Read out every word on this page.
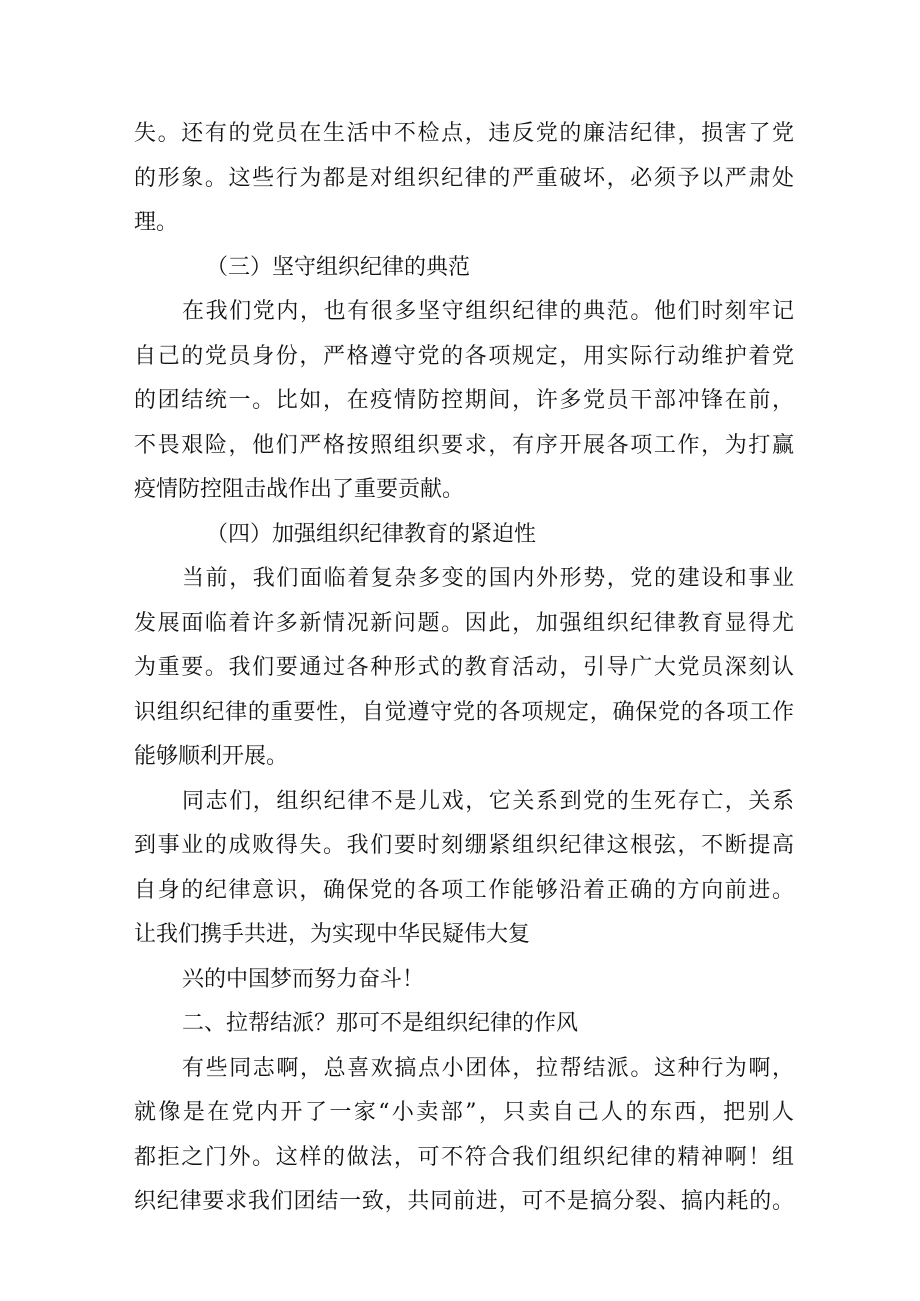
失。还有的党员在生活中不检点，违反党的廉洁纪律，损害了党
的形象。这些行为都是对组织纪律的严重破坏，必须予以严肃处
理。
（三）坚守组织纪律的典范
在我们党内，也有很多坚守组织纪律的典范。他们时刻牢记
自己的党员身份，严格遵守党的各项规定，用实际行动维护着党
的团结统一。比如，在疫情防控期间，许多党员干部冲锋在前，
不畏艰险，他们严格按照组织要求，有序开展各项工作，为打赢
疫情防控阻击战作出了重要贡献。
（四）加强组织纪律教育的紧迫性
当前，我们面临着复杂多变的国内外形势，党的建设和事业
发展面临着许多新情况新问题。因此，加强组织纪律教育显得尤
为重要。我们要通过各种形式的教育活动，引导广大党员深刻认
识组织纪律的重要性，自觉遵守党的各项规定，确保党的各项工作
能够顺利开展。
同志们，组织纪律不是儿戏，它关系到党的生死存亡，关系
到事业的成败得失。我们要时刻绷紧组织纪律这根弦，不断提高
自身的纪律意识，确保党的各项工作能够沿着正确的方向前进。
让我们携手共进，为实现中华民疑伟大复
兴的中国梦而努力奋斗！
二、拉帮结派？那可不是组织纪律的作风
有些同志啊，总喜欢搞点小团体，拉帮结派。这种行为啊，
就像是在党内开了一家“小卖部”，只卖自己人的东西，把别人
都拒之门外。这样的做法，可不符合我们组织纪律的精神啊！组
织纪律要求我们团结一致，共同前进，可不是搞分裂、搞内耗的。
